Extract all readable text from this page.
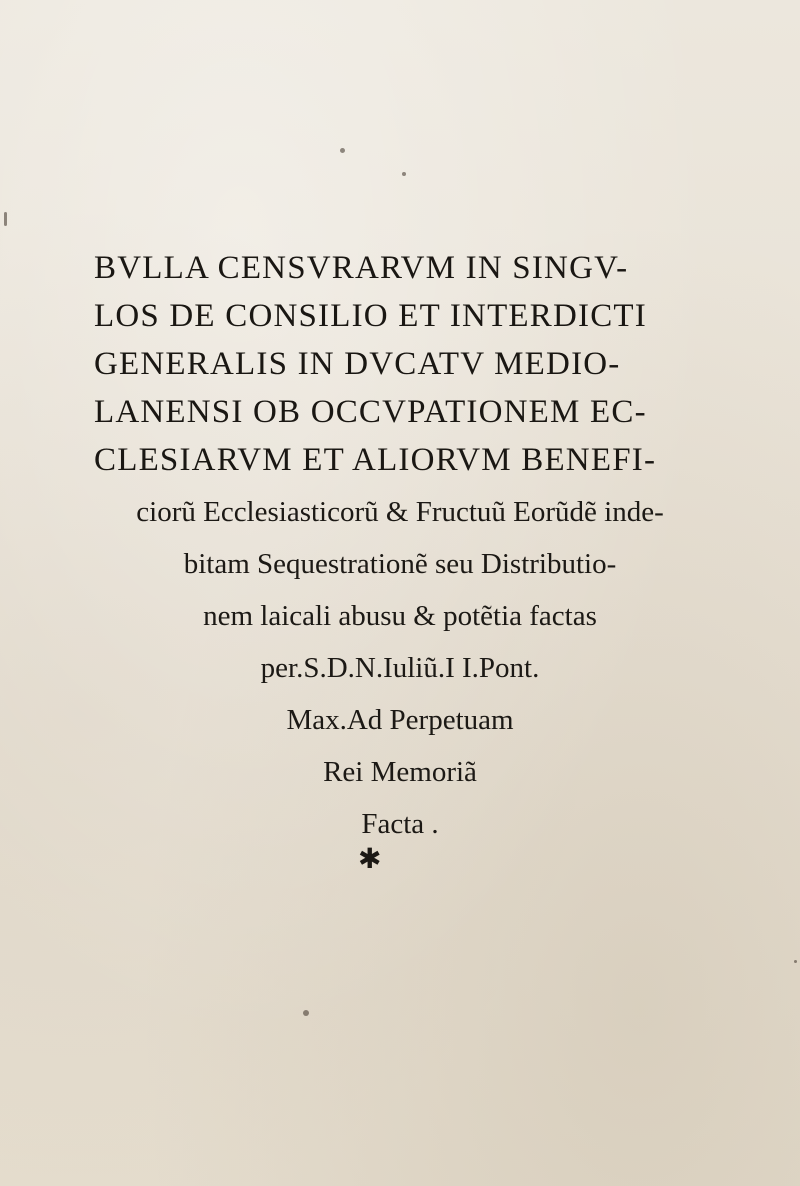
BVLLA CENSVRARVM IN SINGV-
LOS DE CONSILIO ET INTERDICTI
GENERALIS IN DVCATV MEDIO-
LANENSI OB OCCVPATIONEM EC-
CLESIARVM ET ALIORVM BENEFI-
ciorũ Ecclesiasticorũ & Fructuũ Eorũdẽ inde-
bitam Sequestrationẽ seu Distributio-
nem laicali abusu & potẽtia factas
per.S.D.N.Iuliũ.I I.Pont.
Max.Ad Perpetuam
Rei Memoriã
Facta .
✱
